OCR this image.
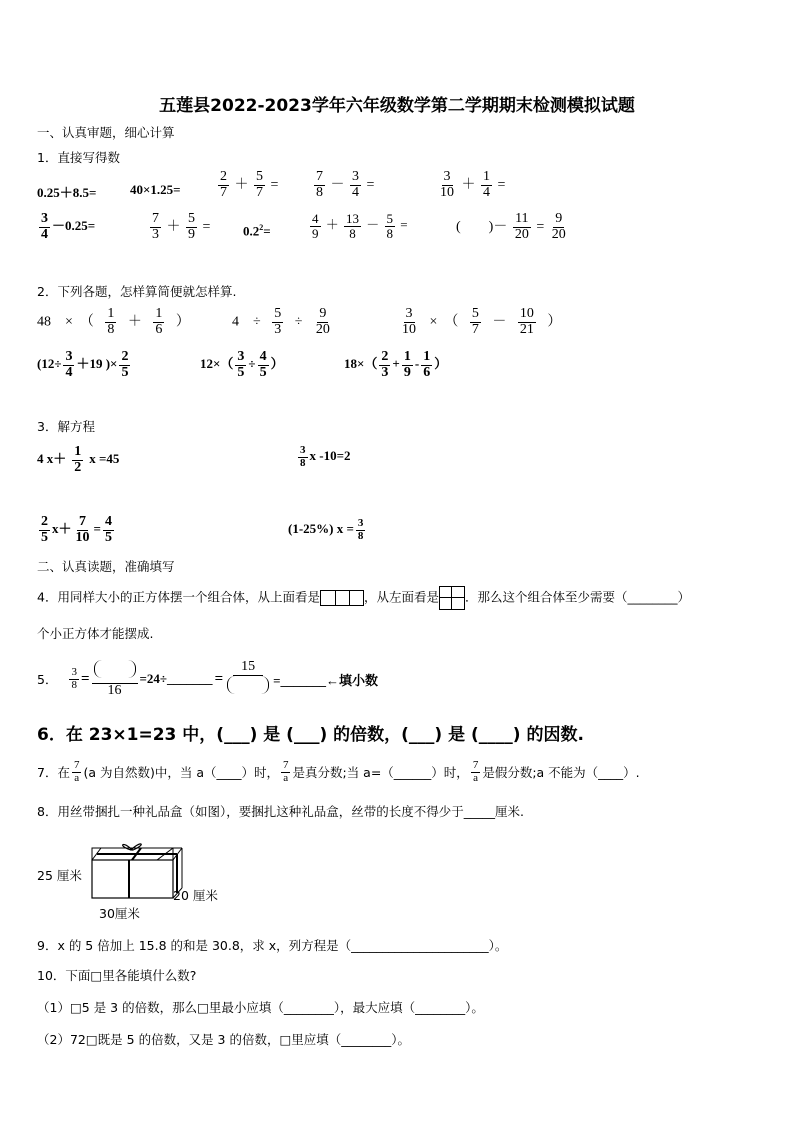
五莲县2022-2023学年六年级数学第二学期期末检测模拟试题
一、认真审题，细心计算
1．直接写得数
0.25＋8.5=	40×1.25=	$\frac{2}{7} + \frac{5}{7}$ =	$\frac{7}{8} - \frac{3}{4}$ =	$\frac{3}{10} + \frac{1}{4}$ =
$\frac{3}{4} -0.25=$	$\frac{7}{3} + \frac{5}{9}$ =	$0.2^2=$	$\frac{4}{9} + \frac{13}{8} - \frac{5}{8}$ =	(　　)－ $\frac{11}{20} = \frac{9}{20}$
2．下列各题，怎样算简便就怎样算.
48　×　（ $\frac{1}{8} + \frac{1}{6}$ ）	4　÷ $\frac{5}{3} \div \frac{9}{20}$	$\frac{3}{10}$ ×　（ $\frac{5}{7} - \frac{10}{21}$ ）
($12\div \frac{3}{4} +19$ )× $\frac{2}{5}$	$12\times( \frac{3}{5} \div \frac{4}{5}$ ）	$18\times( \frac{2}{3} + \frac{1}{9} - \frac{1}{6}$ ）
3．解方程
4 $x+ \frac{1}{2}$ x =45	$\frac{3}{8}$ x -10=2
$\frac{2}{5} x+ \frac{7}{10} = \frac{4}{5}$	(1-25%) $x = \frac{3}{8}$
二、认真读题，准确填写
4．用同样大小的正方体摆一个组合体，从上面看是	，从左面看是 ．那么这个组合体至少需要（________）
个小正方体才能摆成.
5． $\frac{3}{8}$ =
16
=24÷_______ =
15
=_______←填小数
6．在 23×1=23 中，(___) 是 (___) 的倍数，(___) 是 (____) 的因数.
7．在 $\frac{7}{a} (a$ 为自然数)中，当 a（____）时， $\frac{7}{a}$ 是真分数;当 a=（______）时， $\frac{7}{a}$ 是假分数;a 不能为（____）.
8．用丝带捆扎一种礼品盒（如图），要捆扎这种礼品盒，丝带的长度不得少于_____厘米.
25 厘米
20 厘米
30厘米
9．x 的 5 倍加上 15.8 的和是 30.8，求 x，列方程是（______________________）。
10．下面□里各能填什么数?
（1）□5 是 3 的倍数，那么□里最小应填（________），最大应填（________）。
（2）72□既是 5 的倍数，又是 3 的倍数，□里应填（________）。
